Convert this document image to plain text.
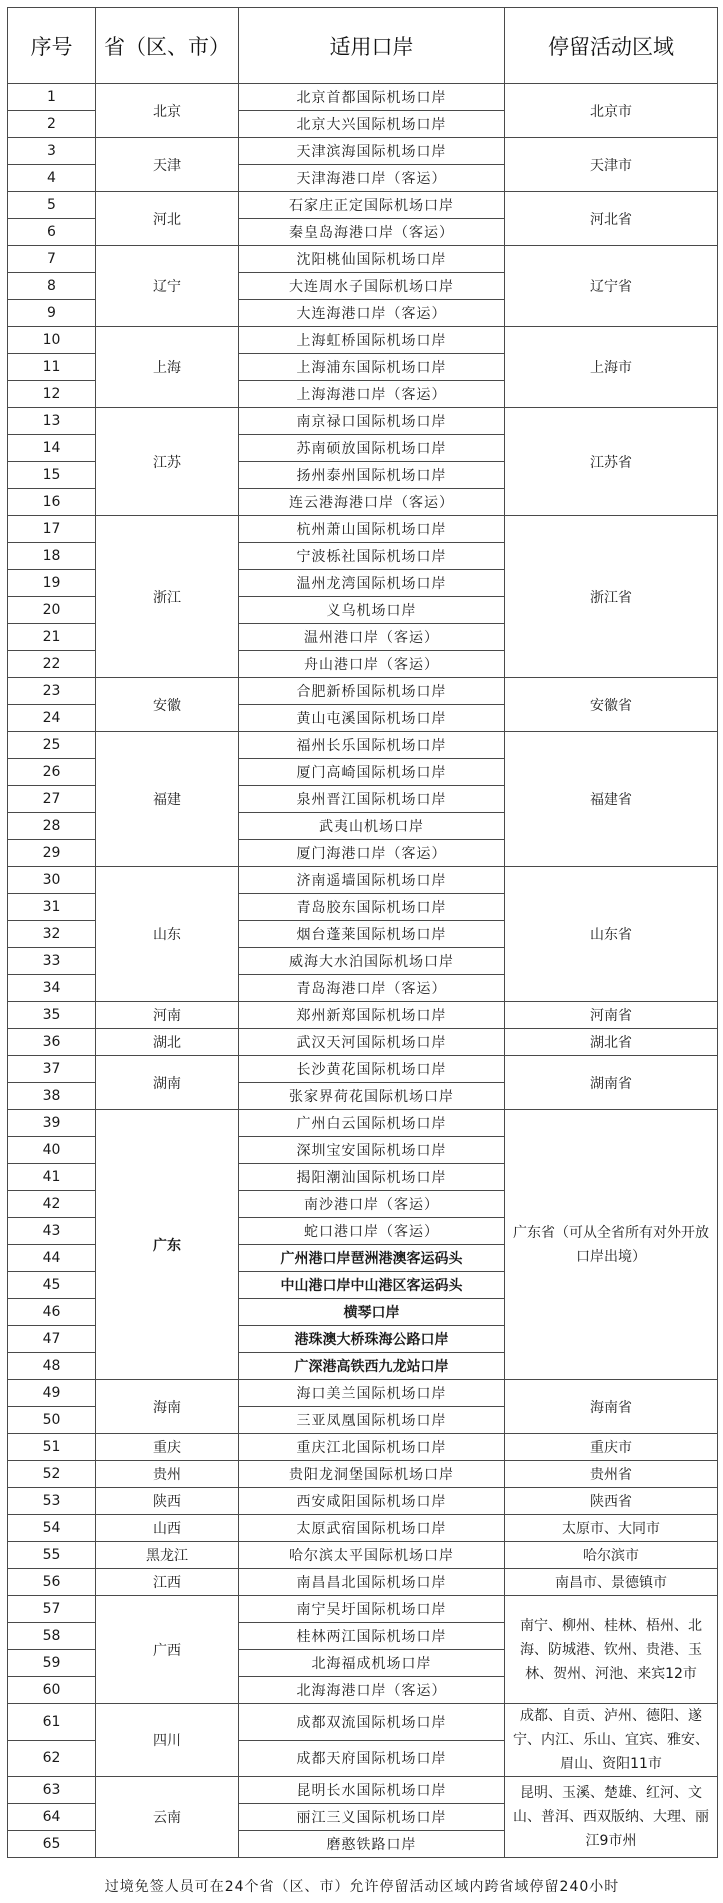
序号	省（区、市）	适用口岸	停留活动区域
1	北京	北京首都国际机场口岸	北京市
2		北京大兴国际机场口岸	
3	天津	天津滨海国际机场口岸	天津市
4		天津海港口岸（客运）	
5	河北	石家庄正定国际机场口岸	河北省
6		秦皇岛海港口岸（客运）	
7	辽宁	沈阳桃仙国际机场口岸	辽宁省
8		大连周水子国际机场口岸	
9		大连海港口岸（客运）	
10	上海	上海虹桥国际机场口岸	上海市
11		上海浦东国际机场口岸	
12		上海海港口岸（客运）	
13	江苏	南京禄口国际机场口岸	江苏省
14		苏南硕放国际机场口岸	
15		扬州泰州国际机场口岸	
16		连云港海港口岸（客运）	
17	浙江	杭州萧山国际机场口岸	浙江省
18		宁波栎社国际机场口岸	
19		温州龙湾国际机场口岸	
20		义乌机场口岸	
21		温州港口岸（客运）	
22		舟山港口岸（客运）	
23	安徽	合肥新桥国际机场口岸	安徽省
24		黄山屯溪国际机场口岸	
25	福建	福州长乐国际机场口岸	福建省
26		厦门高崎国际机场口岸	
27		泉州晋江国际机场口岸	
28		武夷山机场口岸	
29		厦门海港口岸（客运）	
30	山东	济南遥墙国际机场口岸	山东省
31		青岛胶东国际机场口岸	
32		烟台蓬莱国际机场口岸	
33		威海大水泊国际机场口岸	
34		青岛海港口岸（客运）	
35	河南	郑州新郑国际机场口岸	河南省
36	湖北	武汉天河国际机场口岸	湖北省
37	湖南	长沙黄花国际机场口岸	湖南省
38		张家界荷花国际机场口岸	
39	广东	广州白云国际机场口岸	广东省（可从全省所有对外开放口岸出境）
40		深圳宝安国际机场口岸	
41		揭阳潮汕国际机场口岸	
42		南沙港口岸（客运）	
43		蛇口港口岸（客运）	
44		广州港口岸琶洲港澳客运码头	
45		中山港口岸中山港区客运码头	
46		横琴口岸	
47		港珠澳大桥珠海公路口岸	
48		广深港高铁西九龙站口岸	
49	海南	海口美兰国际机场口岸	海南省
50		三亚凤凰国际机场口岸	
51	重庆	重庆江北国际机场口岸	重庆市
52	贵州	贵阳龙洞堡国际机场口岸	贵州省
53	陕西	西安咸阳国际机场口岸	陕西省
54	山西	太原武宿国际机场口岸	太原市、大同市
55	黑龙江	哈尔滨太平国际机场口岸	哈尔滨市
56	江西	南昌昌北国际机场口岸	南昌市、景德镇市
57	广西	南宁吴圩国际机场口岸	南宁、柳州、桂林、梧州、北海、防城港、钦州、贵港、玉林、贺州、河池、来宾12市
58		桂林两江国际机场口岸	
59		北海福成机场口岸	
60		北海海港口岸（客运）	
61	四川	成都双流国际机场口岸	成都、自贡、泸州、德阳、遂宁、内江、乐山、宜宾、雅安、眉山、资阳11市
62		成都天府国际机场口岸	
63	云南	昆明长水国际机场口岸	昆明、玉溪、楚雄、红河、文山、普洱、西双版纳、大理、丽江9市州
64		丽江三义国际机场口岸	
65		磨憨铁路口岸	
过境免签人员可在24个省（区、市）允许停留活动区域内跨省域停留240小时
